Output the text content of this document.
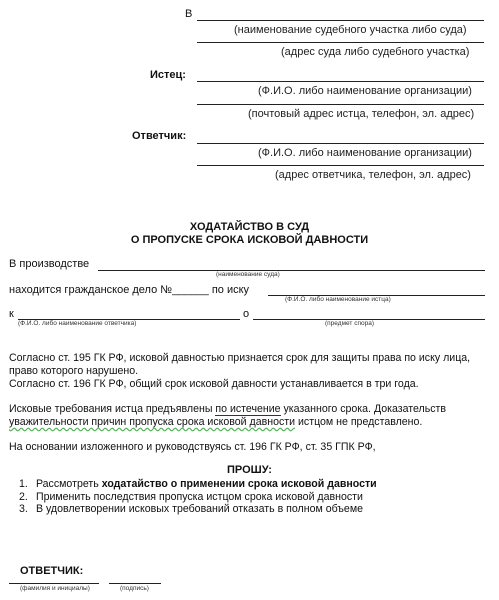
В
(наименование судебного участка либо суда)
(адрес суда либо судебного участка)
Истец:
(Ф.И.О. либо наименование организации)
(почтовый адрес истца, телефон, эл. адрес)
Ответчик:
(Ф.И.О. либо наименование организации)
(адрес ответчика, телефон, эл. адрес)
ХОДАТАЙСТВО В СУД
О ПРОПУСКЕ СРОКА ИСКОВОЙ ДАВНОСТИ
В производстве
(наименование суда)
находится гражданское дело №______ по иску
(Ф.И.О. либо наименование истца)
к
(Ф.И.О. либо наименование ответчика)
о
(предмет спора)
Согласно ст. 195 ГК РФ, исковой давностью признается срок для защиты права по иску лица, право которого нарушено.
Согласно ст. 196 ГК РФ, общий срок исковой давности устанавливается в три года.
Исковые требования истца предъявлены по истечение указанного срока. Доказательств уважительности причин пропуска срока исковой давности истцом не представлено.
На основании изложенного и руководствуясь ст. 196 ГК РФ, ст. 35 ГПК РФ,
ПРОШУ:
1. Рассмотреть ходатайство о применении срока исковой давности
2. Применить последствия пропуска истцом срока исковой давности
3. В удовлетворении исковых требований отказать в полном объеме
ОТВЕТЧИК:
(фамилия и инициалы)	(подпись)
